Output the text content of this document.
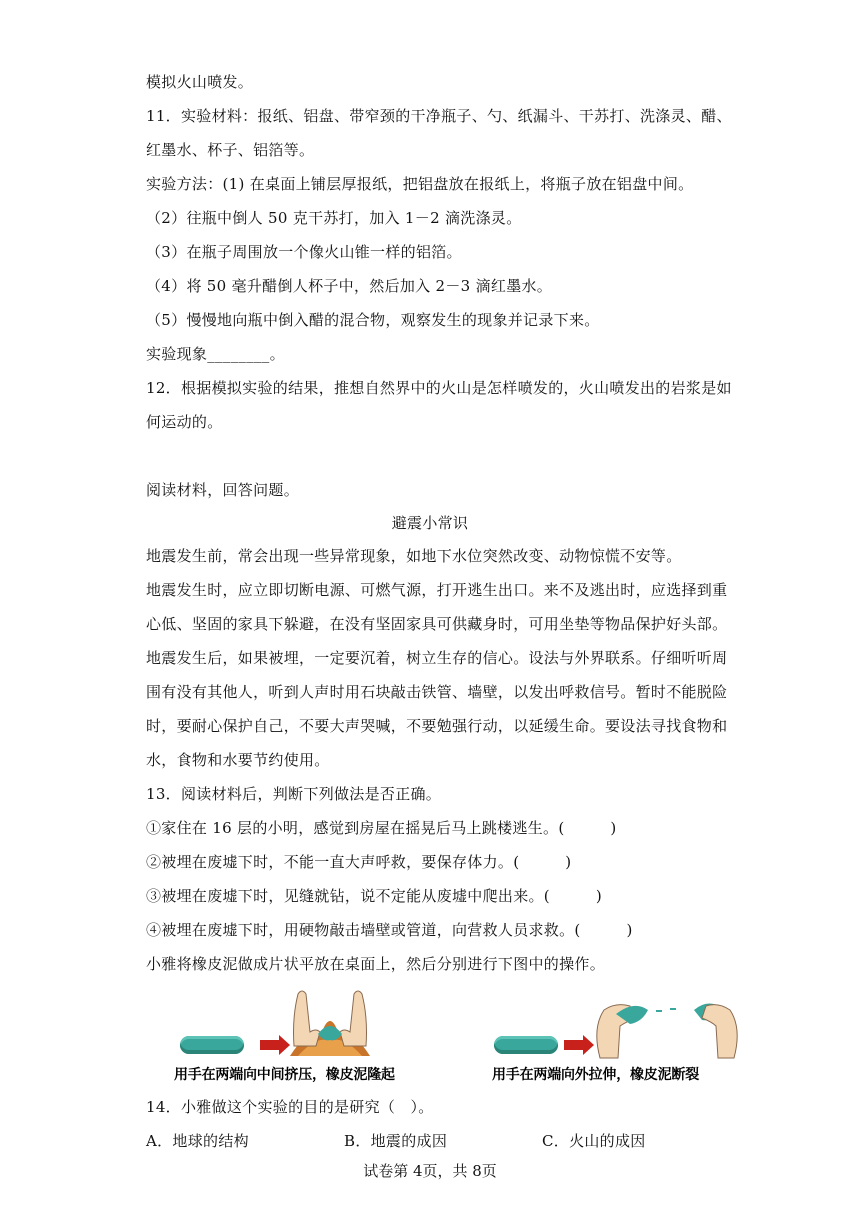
模拟火山喷发。
11．实验材料：报纸、铝盘、带窄颈的干净瓶子、勺、纸漏斗、干苏打、洗涤灵、醋、
红墨水、杯子、铝箔等。
实验方法：(1) 在桌面上铺层厚报纸，把铝盘放在报纸上，将瓶子放在铝盘中间。
（2）往瓶中倒人 50 克干苏打，加入 1－2 滴洗涤灵。
（3）在瓶子周围放一个像火山锥一样的铝箔。
（4）将 50 毫升醋倒人杯子中，然后加入 2－3 滴红墨水。
（5）慢慢地向瓶中倒入醋的混合物，观察发生的现象并记录下来。
实验现象________。
12．根据模拟实验的结果，推想自然界中的火山是怎样喷发的，火山喷发出的岩浆是如
何运动的。
阅读材料，回答问题。
避震小常识
地震发生前，常会出现一些异常现象，如地下水位突然改变、动物惊慌不安等。
地震发生时，应立即切断电源、可燃气源，打开逃生出口。来不及逃出时，应选择到重
心低、坚固的家具下躲避，在没有坚固家具可供藏身时，可用坐垫等物品保护好头部。
地震发生后，如果被埋，一定要沉着，树立生存的信心。设法与外界联系。仔细听听周
围有没有其他人，听到人声时用石块敲击铁管、墙壁，以发出呼救信号。暂时不能脱险
时，要耐心保护自己，不要大声哭喊，不要勉强行动，以延缓生命。要设法寻找食物和
水，食物和水要节约使用。
13．阅读材料后，判断下列做法是否正确。
①家住在 16 层的小明，感觉到房屋在摇晃后马上跳楼逃生。(　　　)
②被埋在废墟下时，不能一直大声呼救，要保存体力。(　　　)
③被埋在废墟下时，见缝就钻，说不定能从废墟中爬出来。(　　　)
④被埋在废墟下时，用硬物敲击墙壁或管道，向营救人员求救。(　　　)
小雅将橡皮泥做成片状平放在桌面上，然后分别进行下图中的操作。
用手在两端向中间挤压，橡皮泥隆起	用手在两端向外拉伸，橡皮泥断裂
14．小雅做这个实验的目的是研究（　）。
A．地球的结构	B．地震的成因	C．火山的成因
试卷第 4页，共 8页
